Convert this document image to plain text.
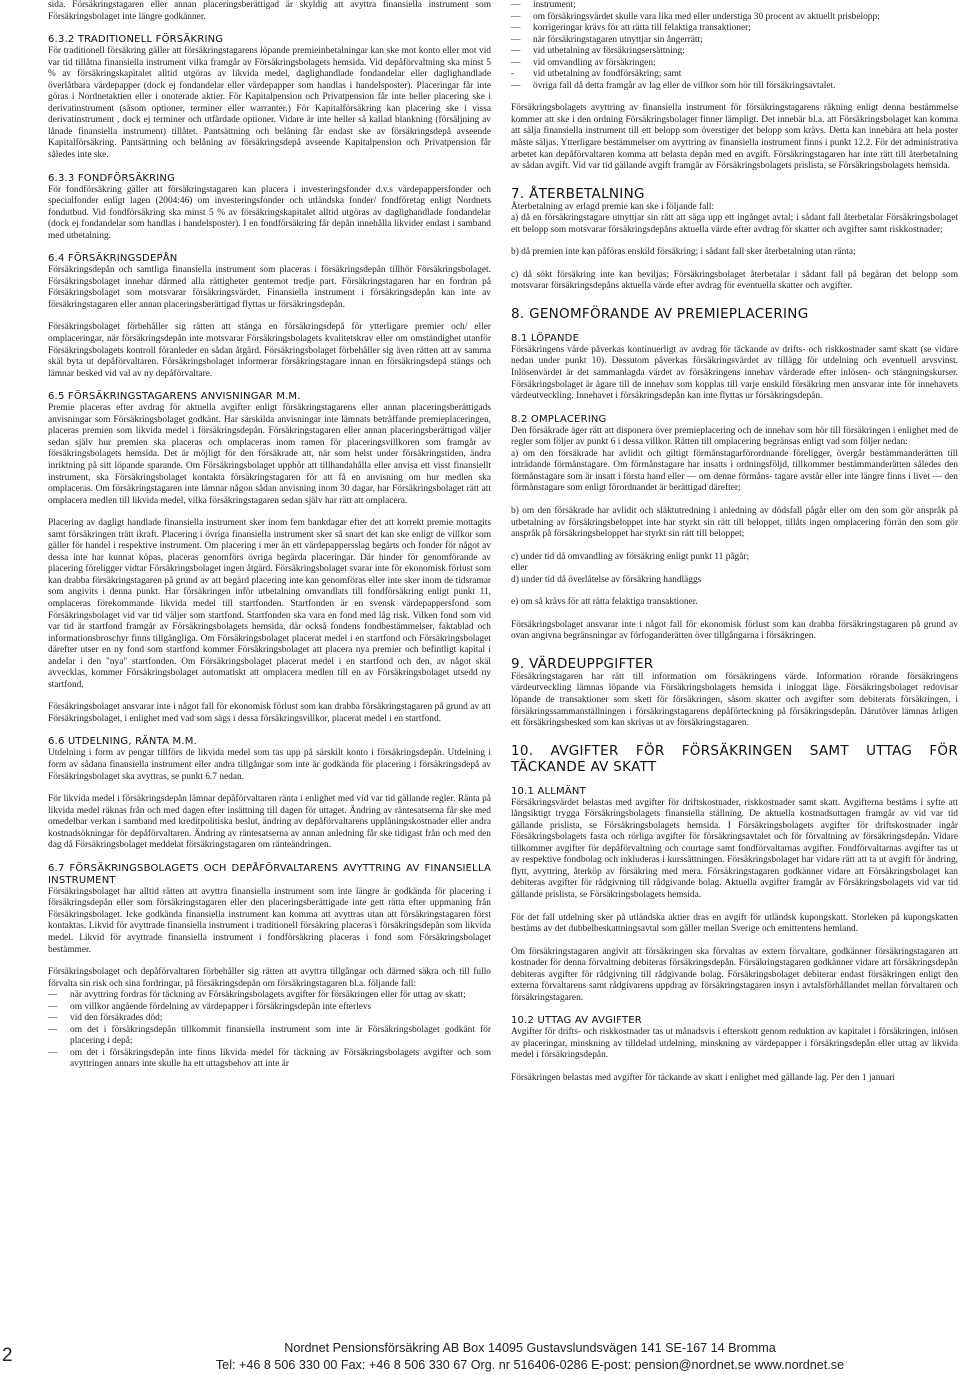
sida. Försäkringstagaren eller annan placeringsberättigad är skyldig att avyttra finansiella instrument som Försäkringsbolaget inte längre godkänner.

6.3.2 TRADITIONELL FÖRSÄKRING

För traditionell försäkring gäller att försäkringstagarens löpande premieinbetalningar kan ske mot konto eller mot vid var tid tillåtna finansiella instrument vilka framgår av Försäkringsbolagets hemsida. Vid depåförvaltning ska minst 5 % av försäkringskapitalet alltid utgöras av likvida medel, daglighandlade fondandelar eller daglighandlade överlåtbara värdepapper (dock ej fondandelar eller värdepapper som handlas i handelsposter). Placeringar får inte göras i Nordnetaktien eller i onoterade aktier. För Kapitalpension och Privatpension får inte heller placering ske i derivatinstrument (såsom optioner, terminer eller warranter.) För Kapitalförsäkring kan placering ske i vissa derivatinstrument , dock ej terminer och utfärdade optioner. Vidare är inte heller så kallad blankning (försäljning av lånade finansiella instrument) tillåtet. Pantsättning och belåning får endast ske av försäkringsdepå avseende Kapitalförsäkring. Pantsättning och belåning av försäkringsdepå avseende Kapitalpension och Privatpension får således inte ske.

6.3.3 FONDFÖRSÄKRING

För fondförsäkring gäller att försäkringstagaren kan placera i investeringsfonder d.v.s värdepappersfonder och specialfonder enligt lagen (2004:46) om investeringsfonder och utländska fonder/ fondföretag enligt Nordnets fondutbud. Vid fondförsäkring ska minst 5 % av försäkringskapitalet alltid utgöras av daglighandlade fondandelar (dock ej fondandelar som handlas i handelsposter). I en fondförsäkring får depån innehålla likvider endast i samband med utbetalning.

6.4 FÖRSÄKRINGSDEPÅN

Försäkringsdepån och samtliga finansiella instrument som placeras i försäkringsdepån tillhör Försäkringsbolaget. Försäkringsbolaget innehar därmed alla rättigheter gentemot tredje part. Försäkringstagaren har en fordran på Försäkringsbolaget som motsvarar försäkringsvärdet. Finansiella instrument i försäkringsdepån kan inte av försäkringstagaren eller annan placeringsberättigad flyttas ur försäkringsdepån.

Försäkringsbolaget förbehåller sig rätten att stänga en försäkringsdepå för ytterligare premier och/ eller omplaceringar, när försäkringsdepån inte motsvarar Försäkringsbolagets kvalitetskrav eller om omständighet utanför Försäkringsbolagets kontroll föranleder en sådan åtgärd. Försäkringsbolaget förbehåller sig även rätten att av samma skäl byta ut depåförvaltaren. Försäkringsbolaget informerar försäkringstagare innan en försäkringsdepå stängs och lämnar besked vid val av ny depåförvaltare.

6.5 FÖRSÄKRINGSTAGARENS ANVISNINGAR M.M.

Premie placeras efter avdrag för aktuella avgifter enligt försäkringstagarens eller annan placeringsberättigads anvisningar som Försäkringsbolaget godkänt. Har särskilda anvisningar inte lämnats beträffande premieplaceringen, placeras premien som likvida medel i försäkringsdepån. Försäkringstagaren eller annan placeringsberättigad väljer sedan själv hur premien ska placeras och omplaceras inom ramen för placeringsvillkoren som framgår av försäkringsbolagets hemsida. Det är möjligt för den försäkrade att, när som helst under försäkringstiden, ändra inriktning på sitt löpande sparande. Om Försäkringsbolaget upphör att tillhandahålla eller anvisa ett visst finansiellt instrument, ska Försäkringsbolaget kontakta försäkringstagaren för att få en anvisning om hur medlen ska omplaceras. Om försäkringstagaren inte lämnar någon sådan anvisning inom 30 dagar, har Försäkringsbolaget rätt att omplacera medlen till likvida medel, vilka försäkringstagaren sedan själv har rätt att omplacera.

Placering av dagligt handlade finansiella instrument sker inom fem bankdagar efter det att korrekt premie mottagits samt försäkringen trätt ikraft. Placering i övriga finansiella instrument sker så snart det kan ske enligt de villkor som gäller för handel i respektive instrument. Om placering i mer än ett värdepappersslag begärts och fonder för något av dessa inte har kunnat köpas, placeras genomförs övriga begärda placeringar. Där hinder för genomförande av placering föreligger vidtar Försäkringsbolaget ingen åtgärd. Försäkringsbolaget svarar inte för ekonomisk förlust som kan drabba försäkringstagaren på grund av att begärd placering inte kan genomföras eller inte sker inom de tidsramar som angivits i denna punkt. Har försäkringen inför utbetalning omvandlats till fondförsäkring enligt punkt 11, omplaceras förekommande likvida medel till startfonden. Startfonden är en svensk värdepappersfond som Försäkringsbolaget vid var tid väljer som startfond. Startfonden ska vara en fond med låg risk. Vilken fond som vid var tid är startfond framgår av Försäkringsbolagets hemsida, där också fondens fondbestämmelser, faktablad och informationsbroschyr finns tillgängliga. Om Försäkringsbolaget placerat medel i en startfond och Försäkringsbolaget därefter utser en ny fond som startfond kommer Försäkringsbolaget att placera nya premier och befintligt kapital i andelar i den "nya" startfonden. Om Försäkringsbolaget placerat medel i en startfond och den, av något skäl avvecklas, kommer Försäkringsbolaget automatiskt att omplacera medlen till en av Försäkringsbolaget utsedd ny startfond.

Försäkringsbolaget ansvarar inte i något fall för ekonomisk förlust som kan drabba försäkringstagaren på grund av att Försäkringsbolaget, i enlighet med vad som sägs i dessa försäkringsvillkor, placerat medel i en startfond.

6.6 UTDELNING, RÄNTA M.M.

Utdelning i form av pengar tillförs de likvida medel som tas upp på särskilt konto i försäkringsdepån. Utdelning i form av sådana finansiella instrument eller andra tillgångar som inte är godkända för placering i försäkringsdepå av Försäkringsbolaget ska avyttras, se punkt 6.7 nedan.

För likvida medel i försäkringsdepån lämnar depåförvaltaren ränta i enlighet med vid var tid gällande regler. Ränta på likvida medel räknas från och med dagen efter insättning till dagen för uttaget. Ändring av räntesatserna får ske med omedelbar verkan i samband med kreditpolitiska beslut, ändring av depåförvaltarens upplåningskostnader eller andra kostnadsökningar för depåförvaltaren. Ändring av räntesatserna av annan anledning får ske tidigast från och med den dag då Försäkringsbolaget meddelat försäkringstagaren om ränteändringen.

6.7 FÖRSÄKRINGSBOLAGETS OCH DEPÅFÖRVALTARENS AVYTTRING AV FINANSIELLA INSTRUMENT

Försäkringsbolaget har alltid rätten att avyttra finansiella instrument som inte längre är godkända för placering i försäkringsdepån eller som försäkringstagaren eller den placeringsberättigade inte gett rätta efter uppmaning från Försäkringsbolaget. Icke godkända finansiella instrument kan komma att avyttras utan att försäkringstagaren först kontaktas. Likvid för avyttrade finansiella instrument i traditionell försäkring placeras i försäkringsdepån som likvida medel. Likvid för avyttrade finansiella instrument i fondförsäkring placeras i fond som Försäkringsbolaget bestämmer.

Försäkringsbolaget och depåförvaltaren förbehåller sig rätten att avyttra tillgångar och därmed säkra och till fullo förvalta sin risk och sina fordringar, på försäkringsdepån om försäkringstagaren bl.a. följande fall:

— när avyttring fordras för täckning av Försäkringsbolagets avgifter för försäkringen eller för uttag av skatt;
— om villkor angående fördelning av värdepapper i försäkringsdepån inte efterlevs
— vid den försäkrades död;
— om det i försäkringsdepån tillkommit finansiella instrument som inte är Försäkringsbolaget godkänt för placering i depå;
— om det i försäkringsdepån inte finns likvida medel för täckning av Försäkringsbolagets avgifter och som avyttringen annars inte skulle ha ett uttagsbehov att inte är
— instrument;
— om försäkringsvärdet skulle vara lika med eller understiga 30 procent av aktuellt prisbelopp;
— korrigeringar krävs för att rätta till felaktiga transaktioner;
— när försäkringstagaren utnyttjar sin ångerrätt;
— vid utbetalning av försäkringsersättning;
— vid omvandling av försäkringen;
- vid utbetalning av fondförsäkring; samt
— övriga fall då detta framgår av lag eller de villkor som hör till försäkringsavtalet.

Försäkringsbolagets avyttring av finansiella instrument för försäkringstagarens räkning enligt denna bestämmelse kommer att ske i den ordning Försäkringsbolaget finner lämpligt. Det innebär bl.a. att Försäkringsbolaget kan komma att sälja finansiella instrument till ett belopp som överstiger det belopp som krävs. Detta kan innebära att hela poster måste säljas. Ytterligare bestämmelser om avyttring av finansiella instrument finns i punkt 12.2. För det administrativa arbetet kan depåförvaltaren komma att belasta depån med en avgift. Försäkringstagaren har inte rätt till återbetalning av sådan avgift. Vid var tid gällande avgift framgår av Försäkringsbolagets prislista, se Försäkringsbolagets hemsida.

7. ÅTERBETALNING

Återbetalning av erlagd premie kan ske i följande fall:

a) då en försäkringstagare utnyttjar sin rätt att säga upp ett ingånget avtal; i sådant fall återbetalar Försäkringsbolaget ett belopp som motsvarar försäkringsdepåns aktuella värde efter avdrag för skatter och avgifter samt riskkostnader;

b) då premien inte kan påföras enskild försäkring; i sådant fall sker återbetalning utan ränta;

c) då sökt försäkring inte kan beviljas; Försäkringsbolaget återbetalar i sådant fall på begäran det belopp som motsvarar försäkringsdepåns aktuella värde efter avdrag för eventuella skatter och avgifter.

8. GENOMFÖRANDE AV PREMIEPLACERING
8.1 LÖPANDE

Försäkringens värde påverkas kontinuerligt av avdrag för täckande av drifts- och riskkostnader samt skatt (se vidare nedan under punkt 10). Dessutom påverkas försäkringsvärdet av tillägg för utdelning och eventuell arvsvinst. Inlösenvärdet är det sammanlagda värdet av försäkringens innehav värderade efter inlösen- och stängningskurser. Försäkringsbolaget är ägare till de innehav som kopplas till varje enskild försäkring men ansvarar inte för innehavets värdeutveckling. Innehavet i försäkringsdepån kan inte flyttas ur försäkringsdepån.

8.2 OMPLACERING

Den försäkrade äger rätt att disponera över premieplacering och de innehav som hör till försäkringen i enlighet med de regler som följer av punkt 6 i dessa villkor. Rätten till omplacering begränsas enligt vad som följer nedan:

a) om den försäkrade har avlidit och giltigt förmånstagarförordnande föreligger, övergår bestämmanderätten till inträdande förmånstagare. Om förmånstagare har insatts i ordningsföljd, tillkommer bestämmanderätten således den förmånstagare som är insatt i första hand eller — om denne förmåns- tagare avstår eller inte längre finns i livet — den förmånstagare som enligt förordnandet är berättigad därefter;

b) om den försäkrade har avlidit och släktutredning i anledning av dödsfall pågår eller om den som gör anspråk på utbetalning av försäkringsbeloppet inte har styrkt sin rätt till beloppet, tillåts ingen omplacering förrän den som gör anspråk på försäkringsbeloppet har styrkt sin rätt till beloppet;

c) under tid då omvandling av försäkring enligt punkt 11 pågår;

eller

d) under tid då överlåtelse av försäkring handläggs

e) om så krävs för att rätta felaktiga transaktioner.

Försäkringsbolaget ansvarar inte i något fall för ekonomisk förlust som kan drabba försäkringstagaren på grund av ovan angivna begränsningar av förfoganderätten över tillgångarna i försäkringen.

9. VÄRDEUPPGIFTER

Försäkringstagaren har rätt till information om försäkringens värde. Information rörande försäkringens värdeutveckling lämnas löpande via Försäkringsbolagets hemsida i inloggat läge. Försäkringsbolaget redovisar löpande de transaktioner som skett för försäkringen, såsom skatter och avgifter som debiterats försäkringen, i försäkringssammanställningen i försäkringstagarens depåförteckning på försäkringsdepån. Därutöver lämnas årligen ett försäkringsbesked som kan skrivas ut av försäkringstagaren.

10. AVGIFTER FÖR FÖRSÄKRINGEN SAMT UTTAG FÖR TÄCKANDE AV SKATT
10.1 ALLMÄNT

Försäkringsvärdet belastas med avgifter för driftskostnader, riskkostnader samt skatt. Avgifterna bestäms i syfte att långsiktigt trygga Försäkringsbolagets finansiella ställning. De aktuella kostnadsuttagen framgår av vid var tid gällande prislista, se Försäkringsbolagets hemsida. I Försäkringsbolagets avgifter för driftskostnader ingår Försäkringsbolagets fasta och rörliga avgifter för försäkringsavtalet och för förvaltning av försäkringsdepån. Vidare tillkommer avgifter för depåförvaltning och courtage samt fondförvaltarnas avgifter. Fondförvaltarnas avgifter tas ut av respektive fondbolag och inkluderas i kurssättningen. Försäkringsbolaget har vidare rätt att ta ut avgift för ändring, flytt, avyttring, återköp av försäkring med mera. Försäkringstagaren godkänner vidare att Försäkringsbolaget kan debiteras avgifter för rådgivning till rådgivande bolag. Aktuella avgifter framgår av Försäkringsbolagets vid var tid gällande prislista, se Försäkringsbolagets hemsida.

För det fall utdelning sker på utländska aktier dras en avgift för utländsk kupongskatt. Storleken på kupongskatten bestäms av det dubbelbeskattningsavtal som gäller mellan Sverige och emittentens hemland.

Om försäkringstagaren angivit att försäkringen ska förvaltas av extern förvaltare, godkänner försäkringstagaren att kostnader för denna förvaltning debiteras försäkringsdepån. Försäkringstagaren godkänner vidare att försäkringsdepån debiteras avgifter för rådgivning till rådgivande bolag. Försäkringsbolaget debiterar endast försäkringen enligt den externa förvaltarens samt rådgivarens uppdrag av försäkringstagaren insyn i avtalsförhållandet mellan förvaltaren och försäkringstagaren.

10.2 UTTAG AV AVGIFTER

Avgifter för drifts- och riskkostnader tas ut månadsvis i efterskott genom reduktion av kapitalet i försäkringen, inlösen av placeringar, minskning av tilldelad utdelning, minskning av värdepapper i försäkringsdepån eller uttag av likvida medel i försäkringsdepån.

Försäkringen belastas med avgifter för täckande av skatt i enlighet med gällande lag. Per den 1 januari

2	Nordnet Pensionsförsäkring AB Box 14095 Gustavslundsvägen 141 SE-167 14 Bromma
Tel: +46 8 506 330 00 Fax: +46 8 506 330 67 Org. nr 516406-0286 E-post: pension@nordnet.se www.nordnet.se
